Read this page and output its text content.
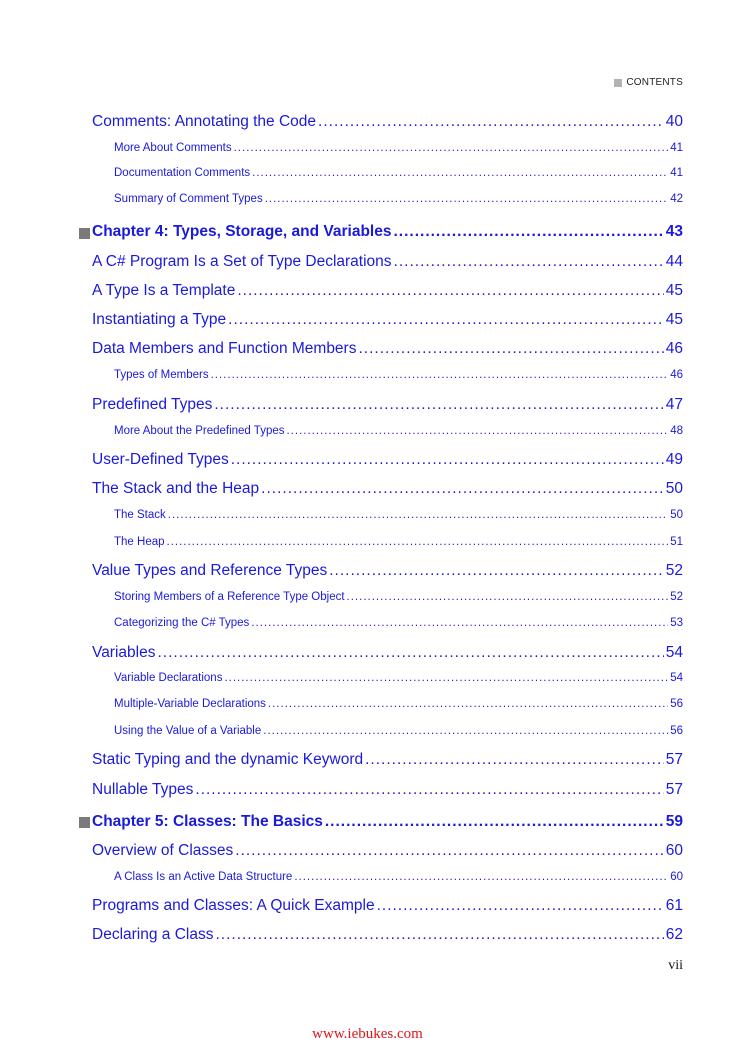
CONTENTS
Comments: Annotating the Code .....	40
More About Comments .....	41
Documentation Comments .....	41
Summary of Comment Types .....	42
Chapter 4: Types, Storage, and Variables .....	43
A C# Program Is a Set of Type Declarations .....	44
A Type Is a Template .....	45
Instantiating a Type .....	45
Data Members and Function Members .....	46
Types of Members .....	46
Predefined Types .....	47
More About the Predefined Types .....	48
User-Defined Types .....	49
The Stack and the Heap .....	50
The Stack .....	50
The Heap .....	51
Value Types and Reference Types .....	52
Storing Members of a Reference Type Object .....	52
Categorizing the C# Types .....	53
Variables .....	54
Variable Declarations .....	54
Multiple-Variable Declarations .....	56
Using the Value of a Variable .....	56
Static Typing and the dynamic Keyword .....	57
Nullable Types .....	57
Chapter 5: Classes: The Basics .....	59
Overview of Classes .....	60
A Class Is an Active Data Structure .....	60
Programs and Classes: A Quick Example .....	61
Declaring a Class .....	62
vii
www.iebukes.com
